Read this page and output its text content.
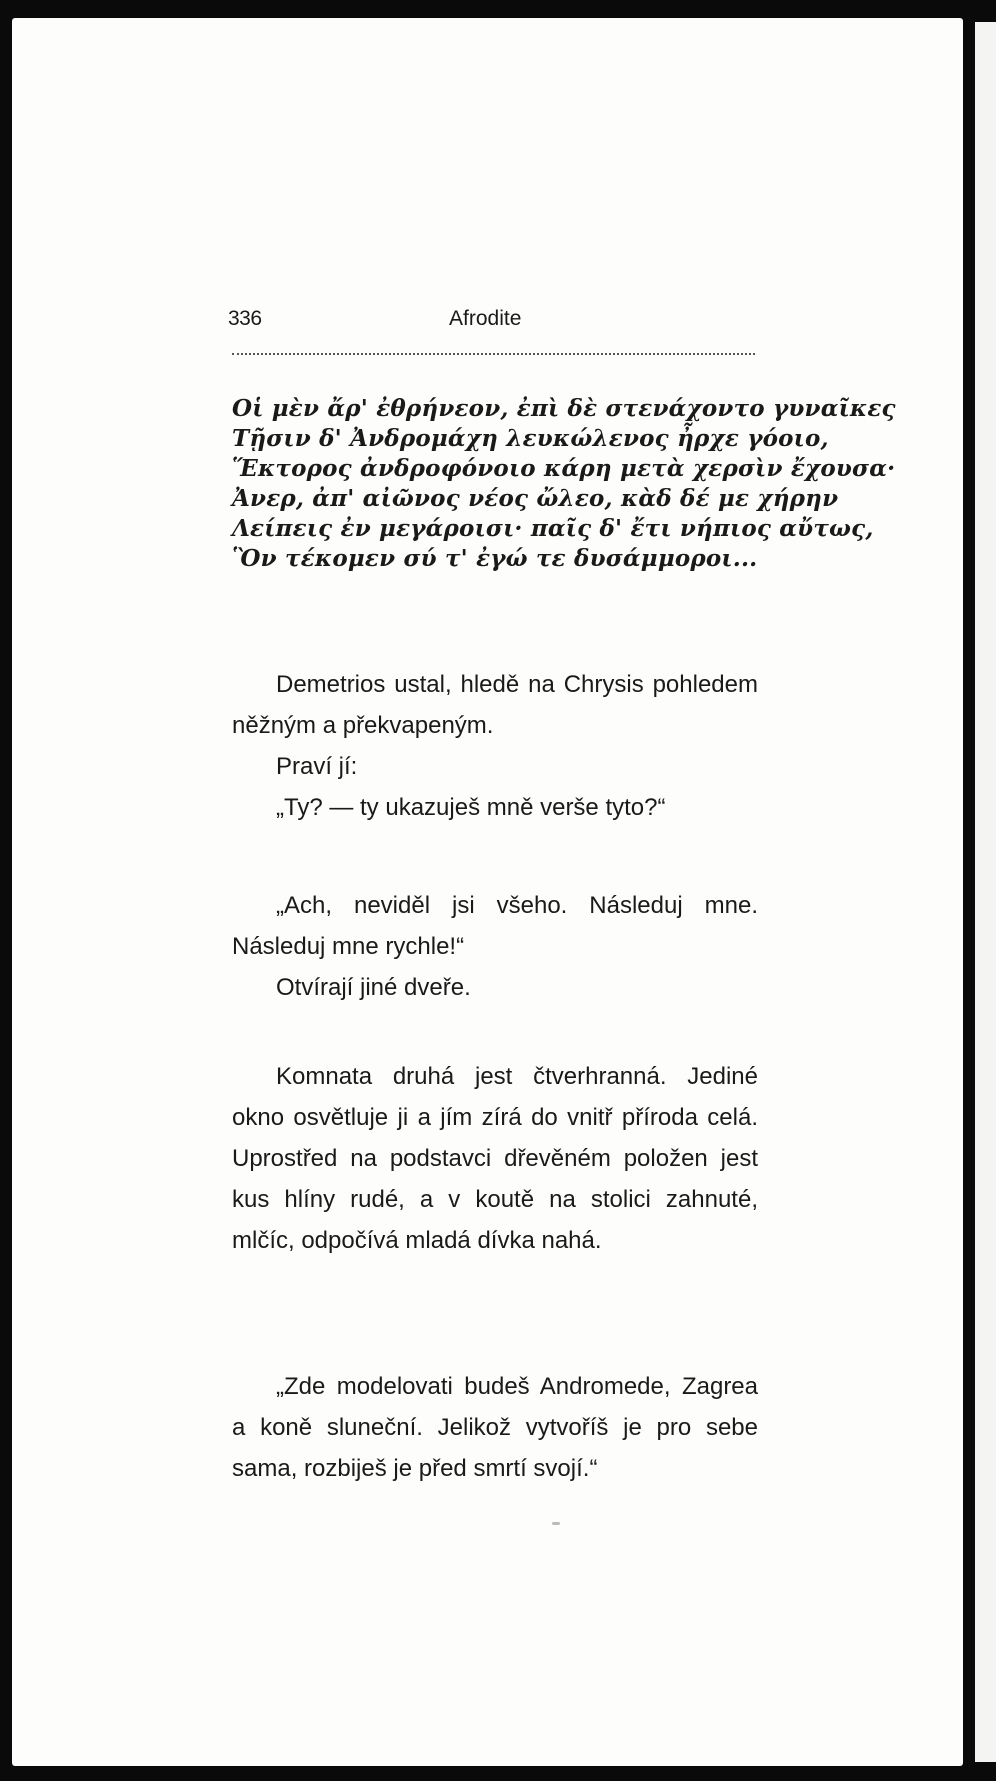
336	Afrodite
Οἱ μὲν ἄρ' ἐθρήνεον, ἐπὶ δὲ στενάχοντο γυναῖκες
Τῇσιν δ' Ἀνδρομάχη λευκώλενος ἦρχε γόοιο,
Ἕκτορος ἀνδροφόνοιο κάρη μετὰ χερσὶν ἔχουσα·
Ἀνερ, ἀπ' αἰῶνος νέος ὤλεο, κὰδ δέ με χήρην
Λείπεις ἐν μεγάροισι· παῖς δ' ἔτι νήπιος αὔτως,
Ὃν τέκομεν σύ τ' ἐγώ τε δυσάμμοροι...

Demetrios ustal, hledě na Chrysis pohledem něžným a překvapeným.

Praví jí:

„Ty? — ty ukazuješ mně verše tyto?“

„Ach, neviděl jsi všeho. Následuj mne. Následuj mne rychle!“

Otvírají jiné dveře.

Komnata druhá jest čtverhranná. Jediné okno osvětluje ji a jím zírá do vnitř příroda celá. Uprostřed na podstavci dřevěném položen jest kus hlíny rudé, a v koutě na stolici zahnuté, mlčíc, odpočívá mladá dívka nahá.

„Zde modelovati budeš Andromede, Zagrea a koně sluneční. Jelikož vytvoříš je pro sebe sama, rozbiješ je před smrtí svojí.“
